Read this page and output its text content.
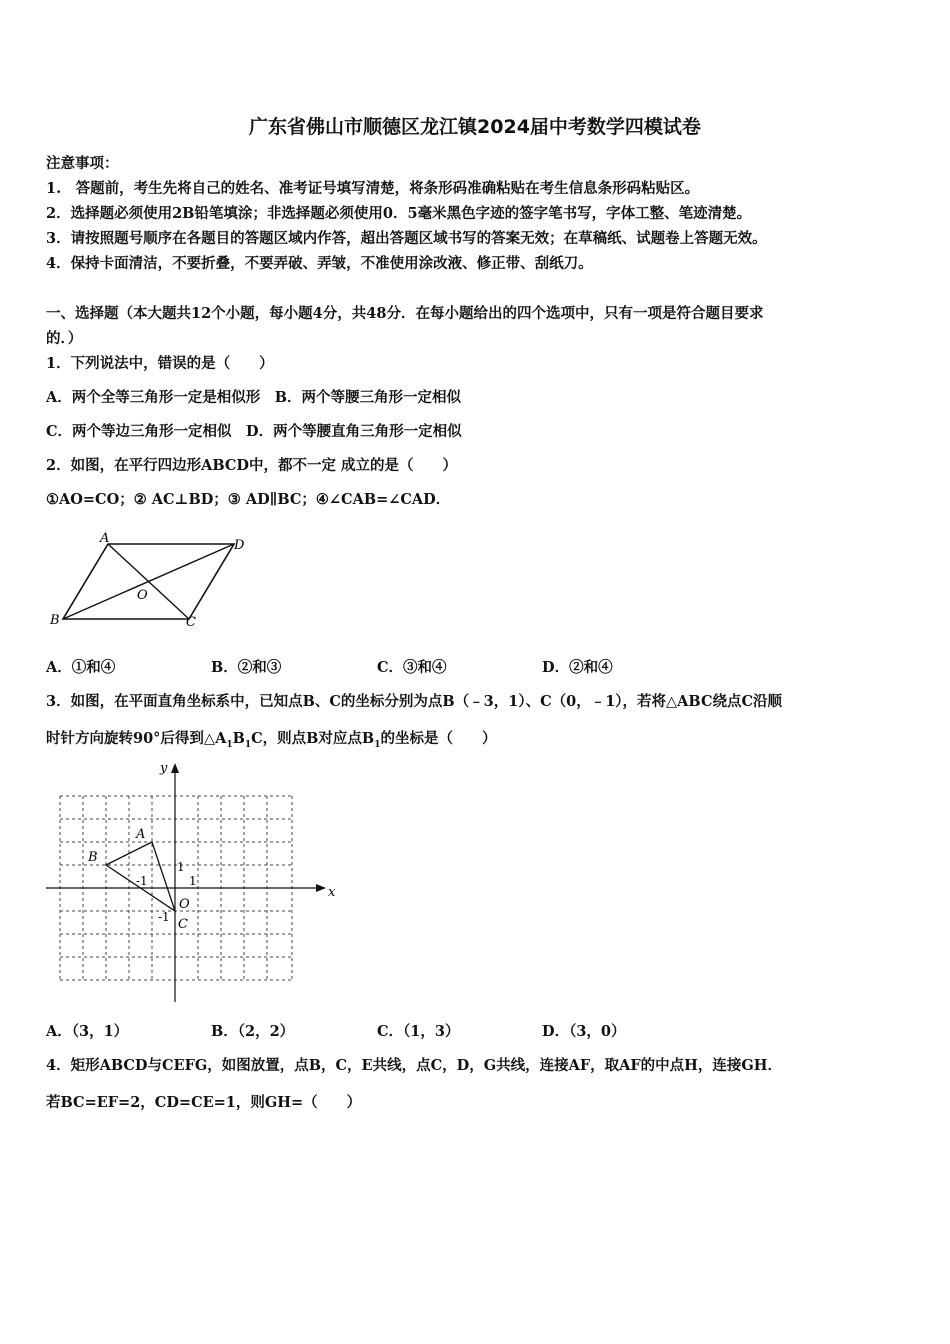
广东省佛山市顺德区龙江镇2024届中考数学四模试卷
注意事项：
1.　答题前，考生先将自己的姓名、准考证号填写清楚，将条形码准确粘贴在考生信息条形码粘贴区。
2．选择题必须使用2B铅笔填涂；非选择题必须使用0．5毫米黑色字迹的签字笔书写，字体工整、笔迹清楚。
3．请按照题号顺序在各题目的答题区域内作答，超出答题区域书写的答案无效；在草稿纸、试题卷上答题无效。
4．保持卡面清洁，不要折叠，不要弄破、弄皱，不准使用涂改液、修正带、刮纸刀。
一、选择题（本大题共12个小题，每小题4分，共48分．在每小题给出的四个选项中，只有一项是符合题目要求
的．）
1．下列说法中，错误的是（　　）
A．两个全等三角形一定是相似形　B．两个等腰三角形一定相似
C．两个等边三角形一定相似　D．两个等腰直角三角形一定相似
2．如图，在平行四边形ABCD中，都不一定 成立的是（　　）
①AO=CO；② AC⊥BD；③ AD∥BC；④∠CAB=∠CAD．
A	D
O
B	C
A．①和④	B．②和③	C．③和④	D．②和④
3．如图，在平面直角坐标系中，已知点B、C的坐标分别为点B（﹣3，1）、C（0，﹣1），若将△ABC绕点C沿顺
时针方向旋转90°后得到$\triangle A_1B_1C$，则点B对应点$B_1$的坐标是（　　）
y
x
A
B
C
O
1
1
-1
-1
A．（3，1）	B．（2，2）	C．（1，3）	D．（3，0）
4．矩形ABCD与CEFG，如图放置，点B，C，E共线，点C，D，G共线，连接AF，取AF的中点H，连接GH．
若BC=EF=2，CD=CE=1，则GH=（　　）
